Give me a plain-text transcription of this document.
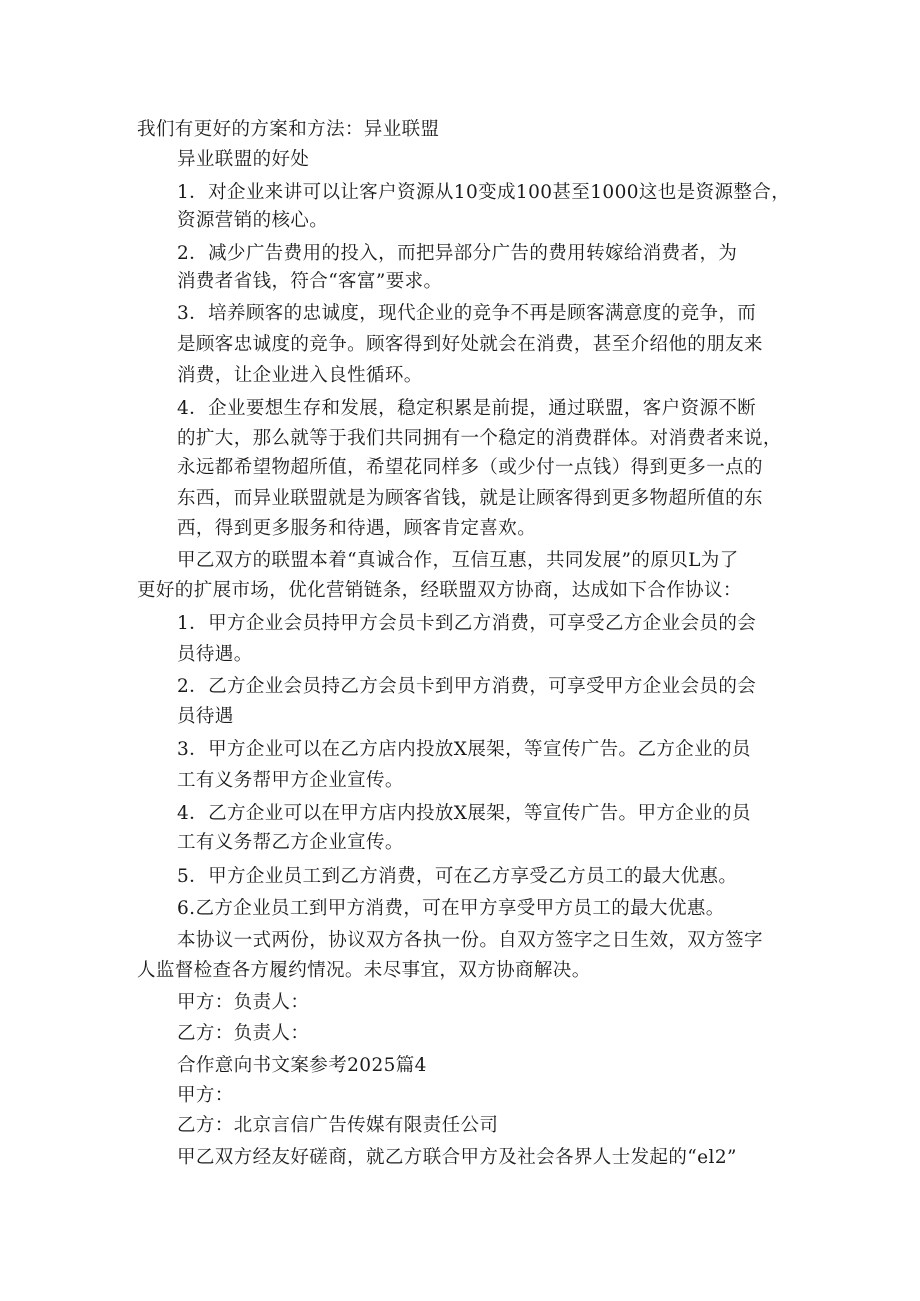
我们有更好的方案和方法：异业联盟
异业联盟的好处
1．对企业来讲可以让客户资源从10变成100甚至1000这也是资源整合，
资源营销的核心。
2．减少广告费用的投入，而把异部分广告的费用转嫁给消费者，为
消费者省钱，符合“客富”要求。
3．培养顾客的忠诚度，现代企业的竞争不再是顾客满意度的竞争，而
是顾客忠诚度的竞争。顾客得到好处就会在消费，甚至介绍他的朋友来
消费，让企业进入良性循环。
4．企业要想生存和发展，稳定积累是前提，通过联盟，客户资源不断
的扩大，那么就等于我们共同拥有一个稳定的消费群体。对消费者来说，
永远都希望物超所值，希望花同样多（或少付一点钱）得到更多一点的
东西，而异业联盟就是为顾客省钱，就是让顾客得到更多物超所值的东
西，得到更多服务和待遇，顾客肯定喜欢。
甲乙双方的联盟本着“真诚合作，互信互惠，共同发展”的原贝L为了
更好的扩展市场，优化营销链条，经联盟双方协商，达成如下合作协议：
1．甲方企业会员持甲方会员卡到乙方消费，可享受乙方企业会员的会
员待遇。
2．乙方企业会员持乙方会员卡到甲方消费，可享受甲方企业会员的会
员待遇
3．甲方企业可以在乙方店内投放X展架，等宣传广告。乙方企业的员
工有义务帮甲方企业宣传。
4．乙方企业可以在甲方店内投放X展架，等宣传广告。甲方企业的员
工有义务帮乙方企业宣传。
5．甲方企业员工到乙方消费，可在乙方享受乙方员工的最大优惠。
6.乙方企业员工到甲方消费，可在甲方享受甲方员工的最大优惠。
本协议一式两份，协议双方各执一份。自双方签字之日生效，双方签字
人监督检查各方履约情况。未尽事宜，双方协商解决。
甲方：负责人：
乙方：负责人：
合作意向书文案参考2025篇4
甲方：
乙方：北京言信广告传媒有限责任公司
甲乙双方经友好磋商，就乙方联合甲方及社会各界人士发起的“el2”
